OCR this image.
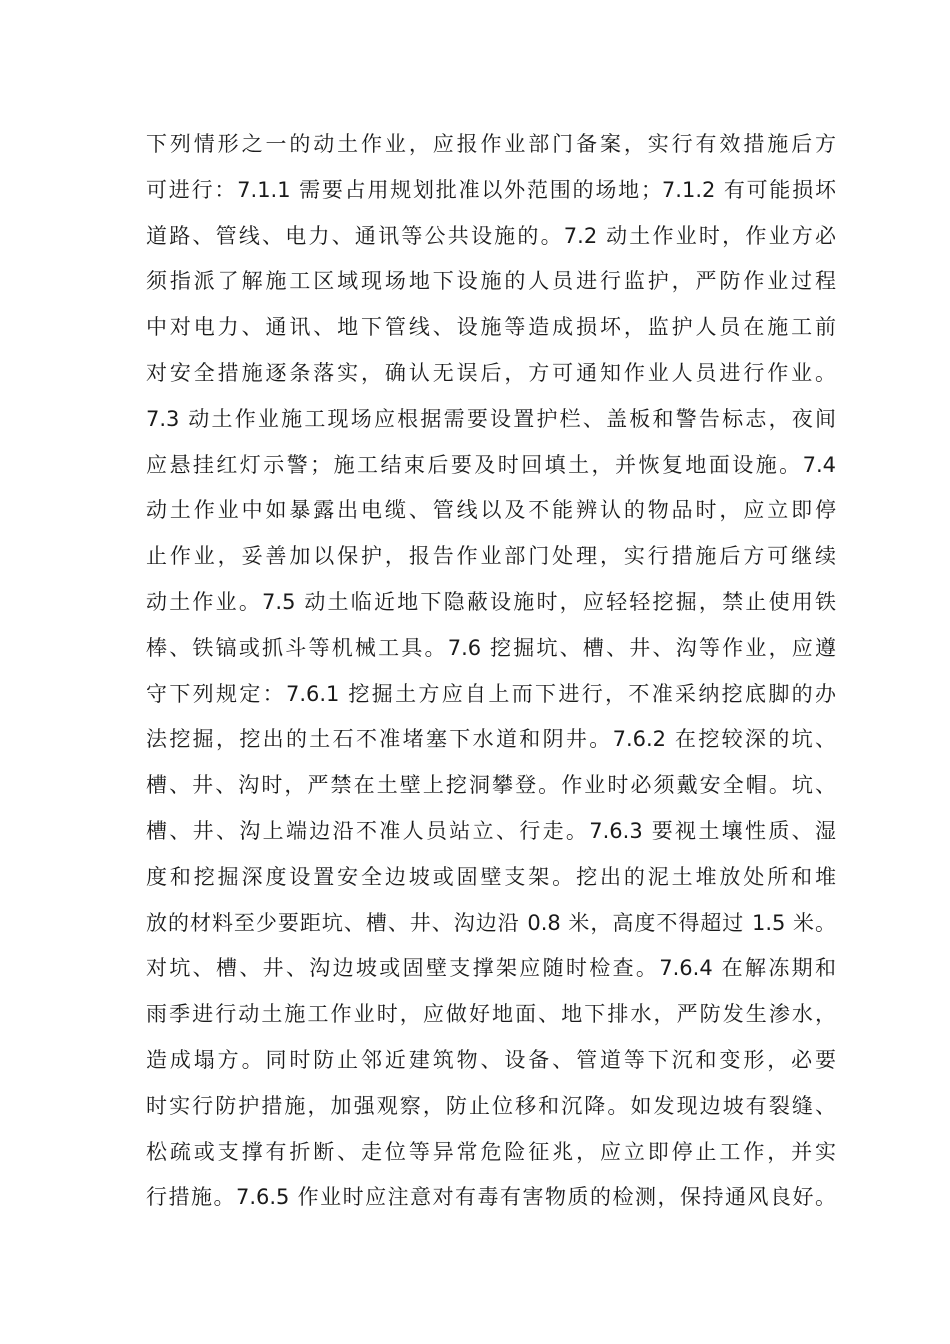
下列情形之一的动土作业，应报作业部门备案，实行有效措施后方
可进行：7.1.1 需要占用规划批准以外范围的场地；7.1.2 有可能损坏
道路、管线、电力、通讯等公共设施的。7.2 动土作业时，作业方必
须指派了解施工区域现场地下设施的人员进行监护，严防作业过程
中对电力、通讯、地下管线、设施等造成损坏，监护人员在施工前
对安全措施逐条落实，确认无误后，方可通知作业人员进行作业。
7.3 动土作业施工现场应根据需要设置护栏、盖板和警告标志，夜间
应悬挂红灯示警；施工结束后要及时回填土，并恢复地面设施。7.4
动土作业中如暴露出电缆、管线以及不能辨认的物品时，应立即停
止作业，妥善加以保护，报告作业部门处理，实行措施后方可继续
动土作业。7.5 动土临近地下隐蔽设施时，应轻轻挖掘，禁止使用铁
棒、铁镐或抓斗等机械工具。7.6 挖掘坑、槽、井、沟等作业，应遵
守下列规定：7.6.1 挖掘土方应自上而下进行，不准采纳挖底脚的办
法挖掘，挖出的土石不准堵塞下水道和阴井。7.6.2 在挖较深的坑、
槽、井、沟时，严禁在土壁上挖洞攀登。作业时必须戴安全帽。坑、
槽、井、沟上端边沿不准人员站立、行走。7.6.3 要视土壤性质、湿
度和挖掘深度设置安全边坡或固壁支架。挖出的泥土堆放处所和堆
放的材料至少要距坑、槽、井、沟边沿 0.8 米，高度不得超过 1.5 米。
对坑、槽、井、沟边坡或固壁支撑架应随时检查。7.6.4 在解冻期和
雨季进行动土施工作业时，应做好地面、地下排水，严防发生渗水，
造成塌方。同时防止邻近建筑物、设备、管道等下沉和变形，必要
时实行防护措施，加强观察，防止位移和沉降。如发现边坡有裂缝、
松疏或支撑有折断、走位等异常危险征兆，应立即停止工作，并实
行措施。7.6.5 作业时应注意对有毒有害物质的检测，保持通风良好。
